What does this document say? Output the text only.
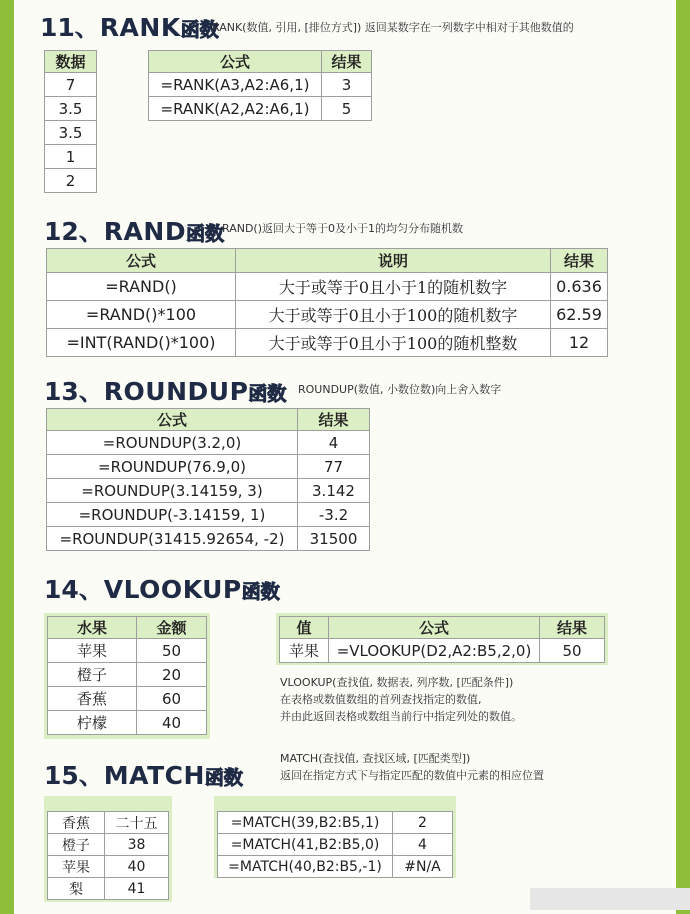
11、RANK函数
RANK(数值, 引用, [排位方式]) 返回某数字在一列数字中相对于其他数值的
数据
7
3.5
3.5
1
2
公式	结果
=RANK(A3,A2:A6,1)	3
=RANK(A2,A2:A6,1)	5
12、RAND函数
RAND()返回大于等于0及小于1的均匀分布随机数
公式	说明	结果
=RAND()	大于或等于0且小于1的随机数字	0.636
=RAND()*100	大于或等于0且小于100的随机数字	62.59
=INT(RAND()*100)	大于或等于0且小于100的随机整数	12
13、ROUNDUP函数 ROUNDUP(数值, 小数位数)向上舍入数字
公式	结果
=ROUNDUP(3.2,0)	4
=ROUNDUP(76.9,0)	77
=ROUNDUP(3.14159, 3)	3.142
=ROUNDUP(-3.14159, 1)	-3.2
=ROUNDUP(31415.92654, -2)	31500
14、VLOOKUP函数
水果	金额
苹果	50
橙子	20
香蕉	60
柠檬	40
值	公式	结果
苹果	=VLOOKUP(D2,A2:B5,2,0)	50
VLOOKUP(查找值, 数据表, 列序数, [匹配条件])
在表格或数值数组的首列查找指定的数值,
并由此返回表格或数组当前行中指定列处的数值。
15、MATCH函数
MATCH(查找值, 查找区域, [匹配类型])
返回在指定方式下与指定匹配的数值中元素的相应位置
香蕉	二十五
橙子	38
苹果	40
梨	41
=MATCH(39,B2:B5,1)	2
=MATCH(41,B2:B5,0)	4
=MATCH(40,B2:B5,-1)	#N/A
